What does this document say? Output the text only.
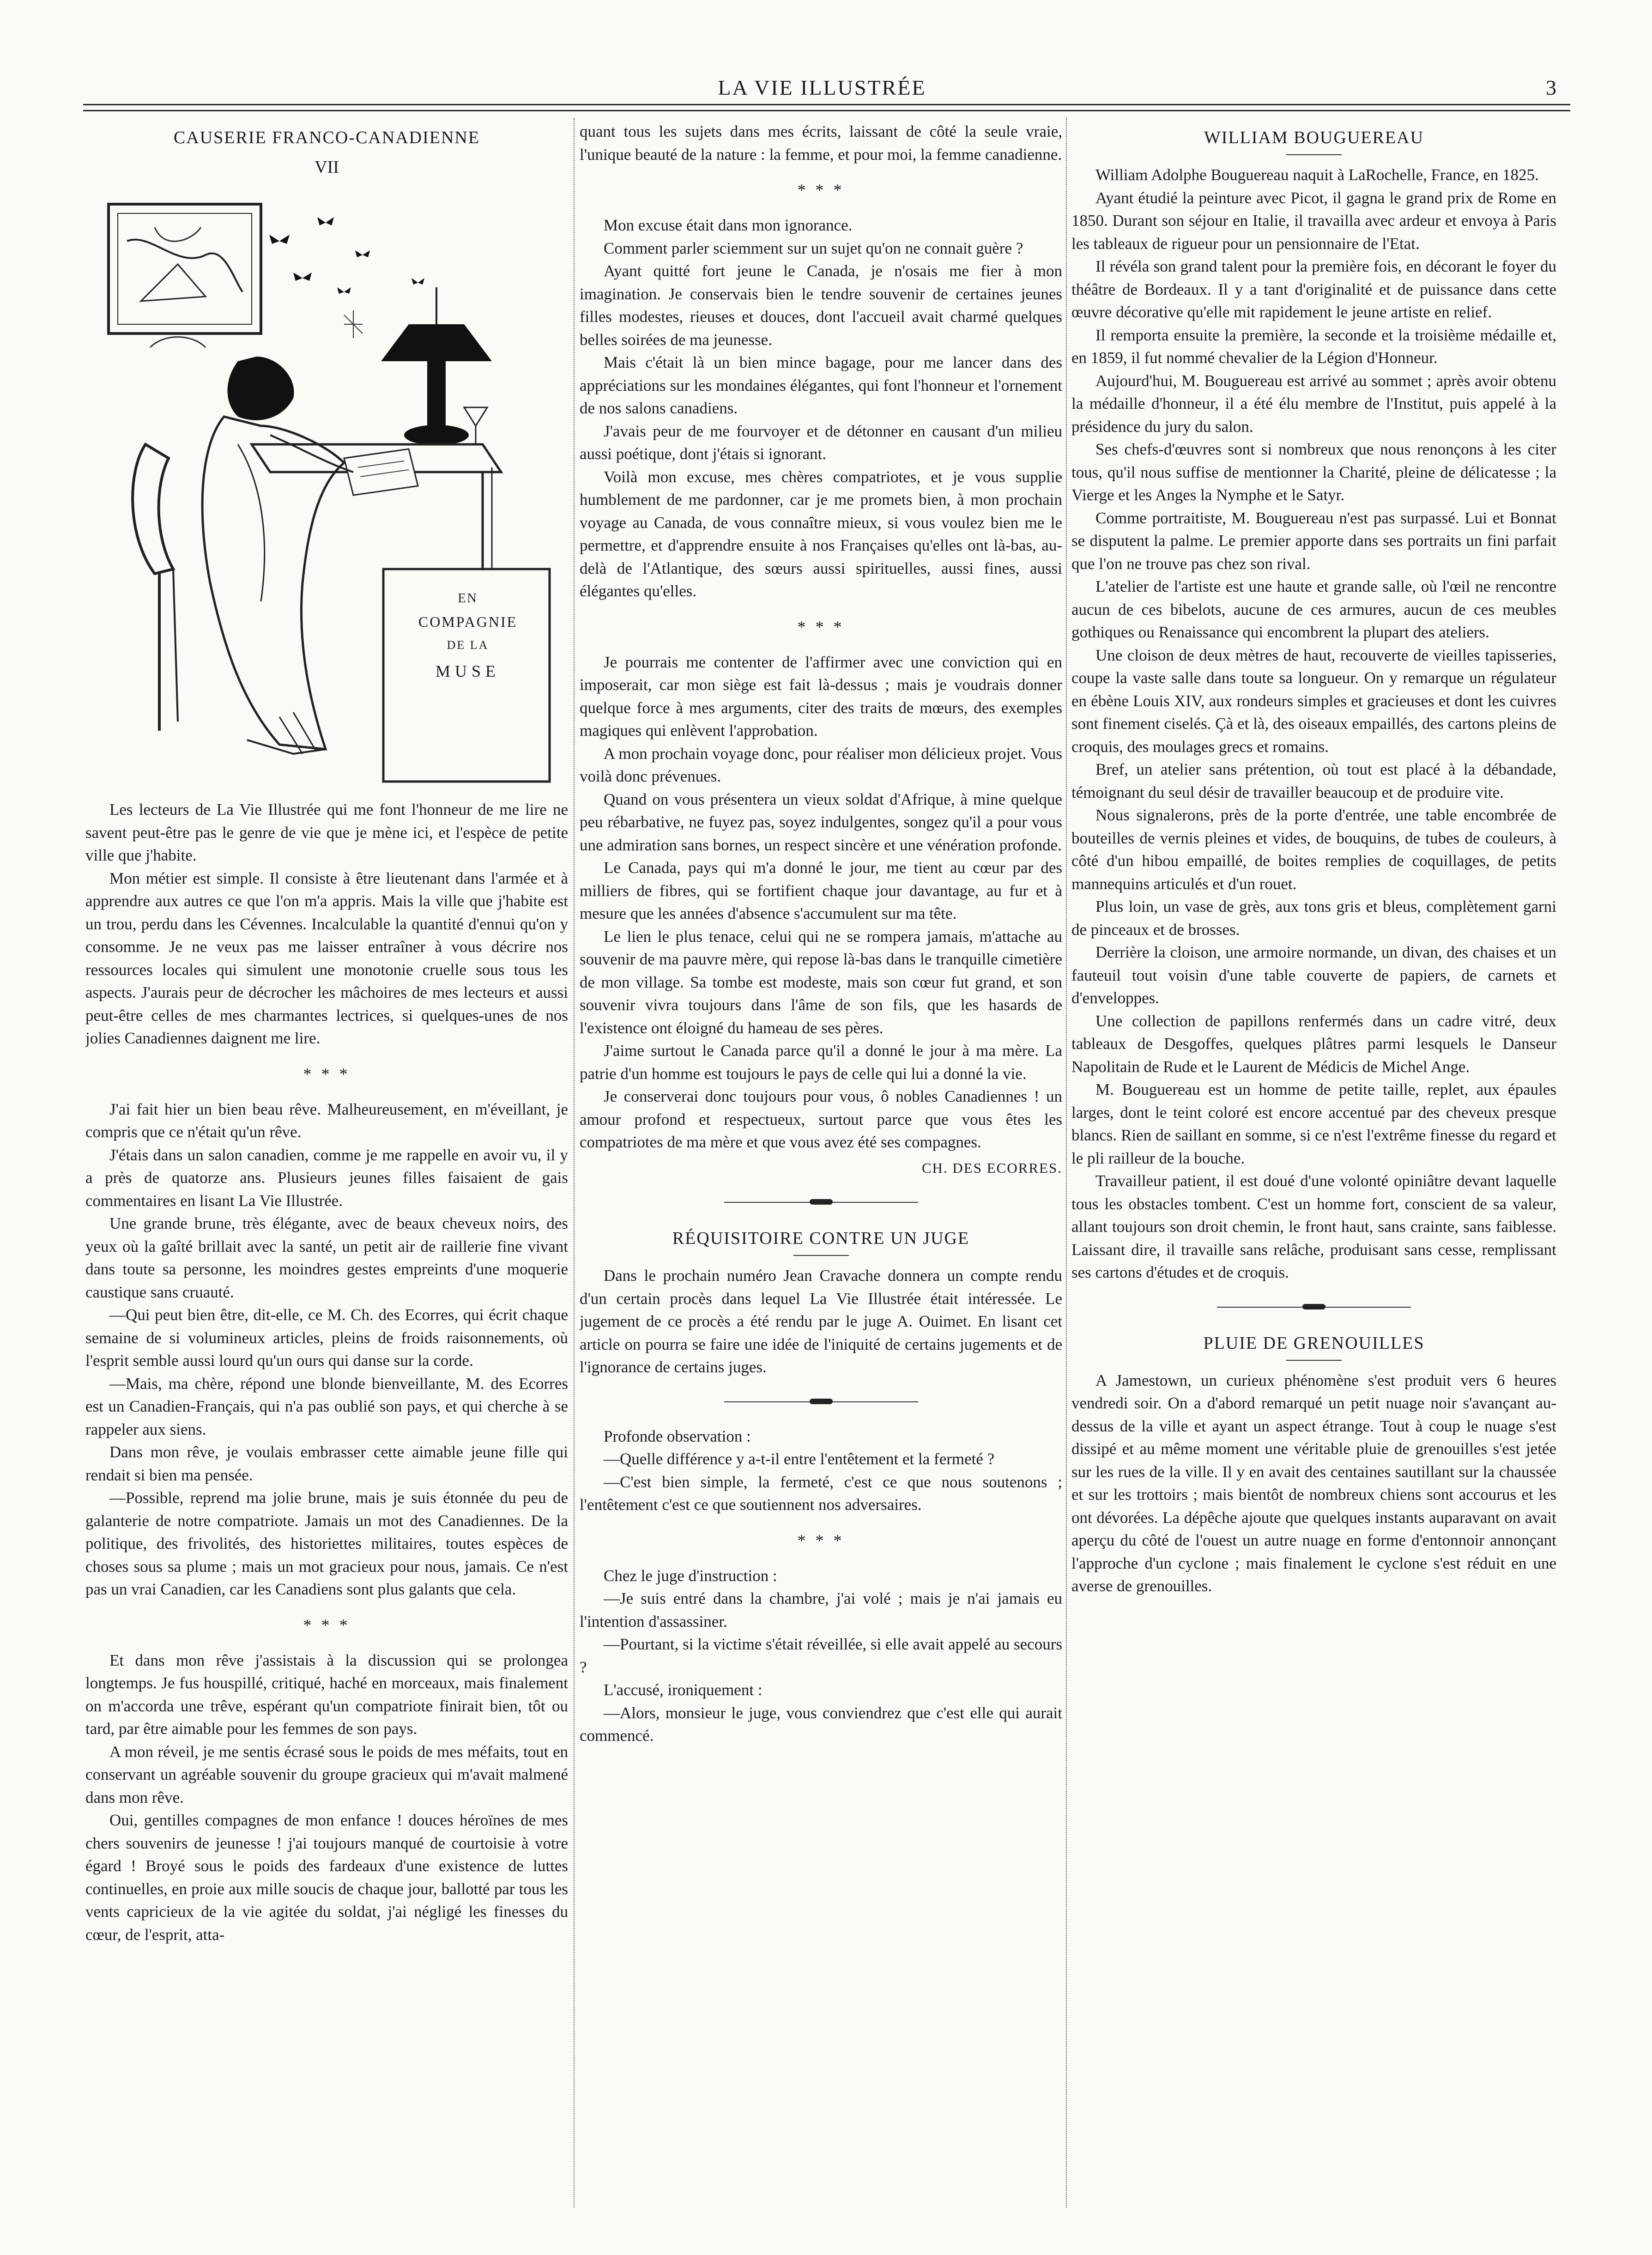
LA VIE ILLUSTRÉE	3
CAUSERIE FRANCO-CANADIENNE
VII
EN
COMPAGNIE
DE LA
MUSE

Les lecteurs de La Vie Illustrée qui me font l'honneur de me lire ne savent peut-être pas le genre de vie que je mène ici, et l'espèce de petite ville que j'habite.

Mon métier est simple. Il consiste à être lieutenant dans l'armée et à apprendre aux autres ce que l'on m'a appris. Mais la ville que j'habite est un trou, perdu dans les Cévennes. Incalculable la quantité d'ennui qu'on y consomme. Je ne veux pas me laisser entraîner à vous décrire nos ressources locales qui simulent une monotonie cruelle sous tous les aspects. J'aurais peur de décrocher les mâchoires de mes lecteurs et aussi peut-être celles de mes charmantes lectrices, si quelques-unes de nos jolies Canadiennes daignent me lire.

* * *

J'ai fait hier un bien beau rêve. Malheureusement, en m'éveillant, je compris que ce n'était qu'un rêve.

J'étais dans un salon canadien, comme je me rappelle en avoir vu, il y a près de quatorze ans. Plusieurs jeunes filles faisaient de gais commentaires en lisant La Vie Illustrée.

Une grande brune, très élégante, avec de beaux cheveux noirs, des yeux où la gaîté brillait avec la santé, un petit air de raillerie fine vivant dans toute sa personne, les moindres gestes empreints d'une moquerie caustique sans cruauté.

—Qui peut bien être, dit-elle, ce M. Ch. des Ecorres, qui écrit chaque semaine de si volumineux articles, pleins de froids raisonnements, où l'esprit semble aussi lourd qu'un ours qui danse sur la corde.

—Mais, ma chère, répond une blonde bienveillante, M. des Ecorres est un Canadien-Français, qui n'a pas oublié son pays, et qui cherche à se rappeler aux siens.

Dans mon rêve, je voulais embrasser cette aimable jeune fille qui rendait si bien ma pensée.

—Possible, reprend ma jolie brune, mais je suis étonnée du peu de galanterie de notre compatriote. Jamais un mot des Canadiennes. De la politique, des frivolités, des historiettes militaires, toutes espèces de choses sous sa plume ; mais un mot gracieux pour nous, jamais. Ce n'est pas un vrai Canadien, car les Canadiens sont plus galants que cela.

* * *

Et dans mon rêve j'assistais à la discussion qui se prolongea longtemps. Je fus houspillé, critiqué, haché en morceaux, mais finalement on m'accorda une trêve, espérant qu'un compatriote finirait bien, tôt ou tard, par être aimable pour les femmes de son pays.

A mon réveil, je me sentis écrasé sous le poids de mes méfaits, tout en conservant un agréable souvenir du groupe gracieux qui m'avait malmené dans mon rêve.

Oui, gentilles compagnes de mon enfance ! douces héroïnes de mes chers souvenirs de jeunesse ! j'ai toujours manqué de courtoisie à votre égard ! Broyé sous le poids des fardeaux d'une existence de luttes continuelles, en proie aux mille soucis de chaque jour, ballotté par tous les vents capricieux de la vie agitée du soldat, j'ai négligé les finesses du cœur, de l'esprit, atta-

quant tous les sujets dans mes écrits, laissant de côté la seule vraie, l'unique beauté de la nature : la femme, et pour moi, la femme canadienne.

* * *

Mon excuse était dans mon ignorance.

Comment parler sciemment sur un sujet qu'on ne connait guère ?

Ayant quitté fort jeune le Canada, je n'osais me fier à mon imagination. Je conservais bien le tendre souvenir de certaines jeunes filles modestes, rieuses et douces, dont l'accueil avait charmé quelques belles soirées de ma jeunesse.

Mais c'était là un bien mince bagage, pour me lancer dans des appréciations sur les mondaines élégantes, qui font l'honneur et l'ornement de nos salons canadiens.

J'avais peur de me fourvoyer et de détonner en causant d'un milieu aussi poétique, dont j'étais si ignorant.

Voilà mon excuse, mes chères compatriotes, et je vous supplie humblement de me pardonner, car je me promets bien, à mon prochain voyage au Canada, de vous connaître mieux, si vous voulez bien me le permettre, et d'apprendre ensuite à nos Françaises qu'elles ont là-bas, au-delà de l'Atlantique, des sœurs aussi spirituelles, aussi fines, aussi élégantes qu'elles.

* * *

Je pourrais me contenter de l'affirmer avec une conviction qui en imposerait, car mon siège est fait là-dessus ; mais je voudrais donner quelque force à mes arguments, citer des traits de mœurs, des exemples magiques qui enlèvent l'approbation.

A mon prochain voyage donc, pour réaliser mon délicieux projet. Vous voilà donc prévenues.

Quand on vous présentera un vieux soldat d'Afrique, à mine quelque peu rébarbative, ne fuyez pas, soyez indulgentes, songez qu'il a pour vous une admiration sans bornes, un respect sincère et une vénération profonde.

Le Canada, pays qui m'a donné le jour, me tient au cœur par des milliers de fibres, qui se fortifient chaque jour davantage, au fur et à mesure que les années d'absence s'accumulent sur ma tête.

Le lien le plus tenace, celui qui ne se rompera jamais, m'attache au souvenir de ma pauvre mère, qui repose là-bas dans le tranquille cimetière de mon village. Sa tombe est modeste, mais son cœur fut grand, et son souvenir vivra toujours dans l'âme de son fils, que les hasards de l'existence ont éloigné du hameau de ses pères.

J'aime surtout le Canada parce qu'il a donné le jour à ma mère. La patrie d'un homme est toujours le pays de celle qui lui a donné la vie.

Je conserverai donc toujours pour vous, ô nobles Canadiennes ! un amour profond et respectueux, surtout parce que vous êtes les compatriotes de ma mère et que vous avez été ses compagnes.

CH. DES ECORRES.

RÉQUISITOIRE CONTRE UN JUGE

Dans le prochain numéro Jean Cravache donnera un compte rendu d'un certain procès dans lequel La Vie Illustrée était intéressée. Le jugement de ce procès a été rendu par le juge A. Ouimet. En lisant cet article on pourra se faire une idée de l'iniquité de certains jugements et de l'ignorance de certains juges.

Profonde observation :

—Quelle différence y a-t-il entre l'entêtement et la fermeté ?

—C'est bien simple, la fermeté, c'est ce que nous soutenons ; l'entêtement c'est ce que soutiennent nos adversaires.

* * *

Chez le juge d'instruction :

—Je suis entré dans la chambre, j'ai volé ; mais je n'ai jamais eu l'intention d'assassiner.

—Pourtant, si la victime s'était réveillée, si elle avait appelé au secours ?

L'accusé, ironiquement :

—Alors, monsieur le juge, vous conviendrez que c'est elle qui aurait commencé.

WILLIAM BOUGUEREAU

William Adolphe Bouguereau naquit à LaRochelle, France, en 1825.

Ayant étudié la peinture avec Picot, il gagna le grand prix de Rome en 1850. Durant son séjour en Italie, il travailla avec ardeur et envoya à Paris les tableaux de rigueur pour un pensionnaire de l'Etat.

Il révéla son grand talent pour la première fois, en décorant le foyer du théâtre de Bordeaux. Il y a tant d'originalité et de puissance dans cette œuvre décorative qu'elle mit rapidement le jeune artiste en relief.

Il remporta ensuite la première, la seconde et la troisième médaille et, en 1859, il fut nommé chevalier de la Légion d'Honneur.

Aujourd'hui, M. Bouguereau est arrivé au sommet ; après avoir obtenu la médaille d'honneur, il a été élu membre de l'Institut, puis appelé à la présidence du jury du salon.

Ses chefs-d'œuvres sont si nombreux que nous renonçons à les citer tous, qu'il nous suffise de mentionner la Charité, pleine de délicatesse ; la Vierge et les Anges la Nymphe et le Satyr.

Comme portraitiste, M. Bouguereau n'est pas surpassé. Lui et Bonnat se disputent la palme. Le premier apporte dans ses portraits un fini parfait que l'on ne trouve pas chez son rival.

L'atelier de l'artiste est une haute et grande salle, où l'œil ne rencontre aucun de ces bibelots, aucune de ces armures, aucun de ces meubles gothiques ou Renaissance qui encombrent la plupart des ateliers.

Une cloison de deux mètres de haut, recouverte de vieilles tapisseries, coupe la vaste salle dans toute sa longueur. On y remarque un régulateur en ébène Louis XIV, aux rondeurs simples et gracieuses et dont les cuivres sont finement ciselés. Çà et là, des oiseaux empaillés, des cartons pleins de croquis, des moulages grecs et romains.

Bref, un atelier sans prétention, où tout est placé à la débandade, témoignant du seul désir de travailler beaucoup et de produire vite.

Nous signalerons, près de la porte d'entrée, une table encombrée de bouteilles de vernis pleines et vides, de bouquins, de tubes de couleurs, à côté d'un hibou empaillé, de boites remplies de coquillages, de petits mannequins articulés et d'un rouet.

Plus loin, un vase de grès, aux tons gris et bleus, complètement garni de pinceaux et de brosses.

Derrière la cloison, une armoire normande, un divan, des chaises et un fauteuil tout voisin d'une table couverte de papiers, de carnets et d'enveloppes.

Une collection de papillons renfermés dans un cadre vitré, deux tableaux de Desgoffes, quelques plâtres parmi lesquels le Danseur Napolitain de Rude et le Laurent de Médicis de Michel Ange.

M. Bouguereau est un homme de petite taille, replet, aux épaules larges, dont le teint coloré est encore accentué par des cheveux presque blancs. Rien de saillant en somme, si ce n'est l'extrême finesse du regard et le pli railleur de la bouche.

Travailleur patient, il est doué d'une volonté opiniâtre devant laquelle tous les obstacles tombent. C'est un homme fort, conscient de sa valeur, allant toujours son droit chemin, le front haut, sans crainte, sans faiblesse. Laissant dire, il travaille sans relâche, produisant sans cesse, remplissant ses cartons d'études et de croquis.

PLUIE DE GRENOUILLES

A Jamestown, un curieux phénomène s'est produit vers 6 heures vendredi soir. On a d'abord remarqué un petit nuage noir s'avançant au-dessus de la ville et ayant un aspect étrange. Tout à coup le nuage s'est dissipé et au même moment une véritable pluie de grenouilles s'est jetée sur les rues de la ville. Il y en avait des centaines sautillant sur la chaussée et sur les trottoirs ; mais bientôt de nombreux chiens sont accourus et les ont dévorées. La dépêche ajoute que quelques instants auparavant on avait aperçu du côté de l'ouest un autre nuage en forme d'entonnoir annonçant l'approche d'un cyclone ; mais finalement le cyclone s'est réduit en une averse de grenouilles.
